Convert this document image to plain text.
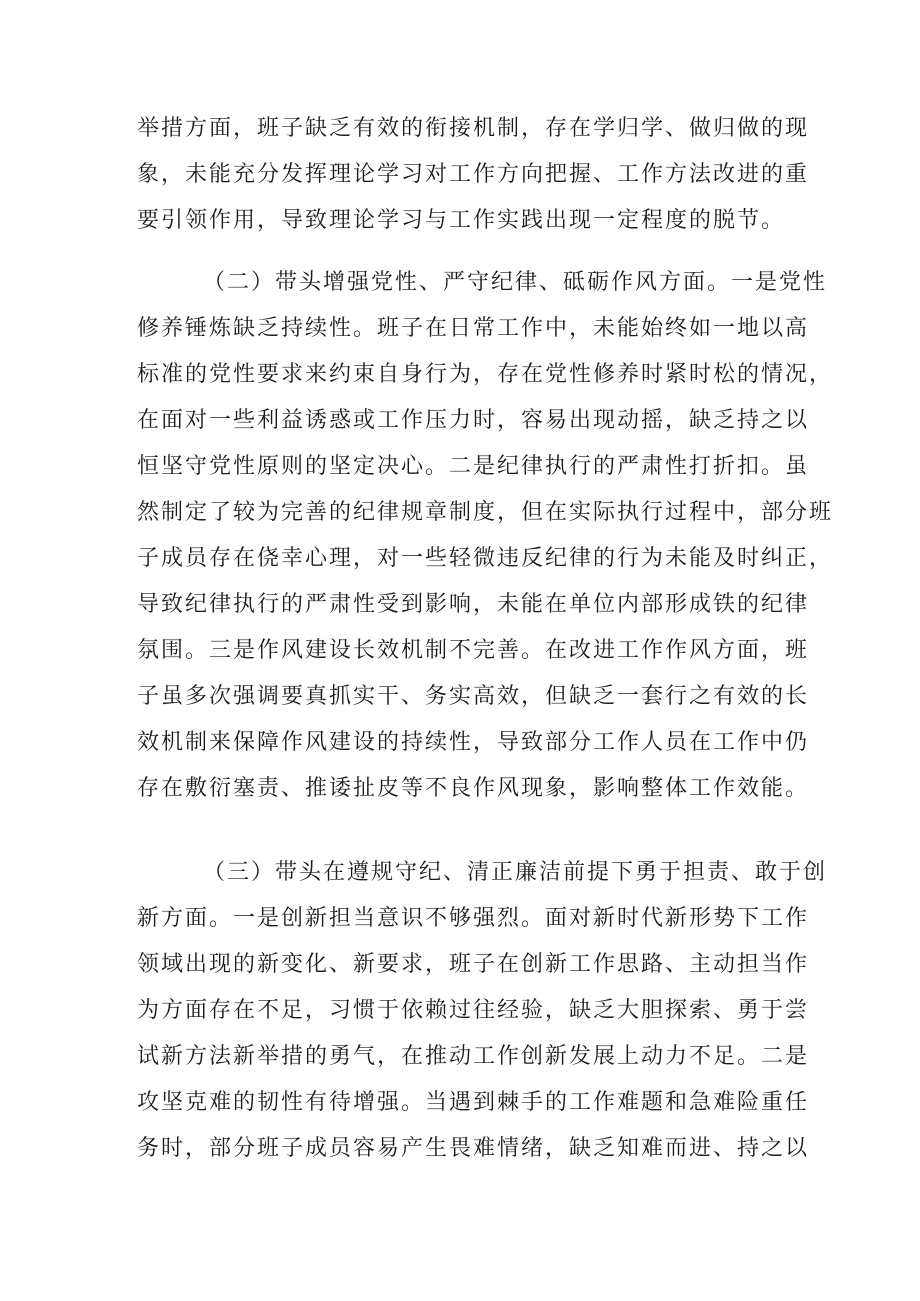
举措方面，班子缺乏有效的衔接机制，存在学归学、做归做的现
象，未能充分发挥理论学习对工作方向把握、工作方法改进的重
要引领作用，导致理论学习与工作实践出现一定程度的脱节。
（二）带头增强党性、严守纪律、砥砺作风方面。一是党性
修养锤炼缺乏持续性。班子在日常工作中，未能始终如一地以高
标准的党性要求来约束自身行为，存在党性修养时紧时松的情况，
在面对一些利益诱惑或工作压力时，容易出现动摇，缺乏持之以
恒坚守党性原则的坚定决心。二是纪律执行的严肃性打折扣。虽
然制定了较为完善的纪律规章制度，但在实际执行过程中，部分班
子成员存在侥幸心理，对一些轻微违反纪律的行为未能及时纠正，
导致纪律执行的严肃性受到影响，未能在单位内部形成铁的纪律
氛围。三是作风建设长效机制不完善。在改进工作作风方面，班
子虽多次强调要真抓实干、务实高效，但缺乏一套行之有效的长
效机制来保障作风建设的持续性，导致部分工作人员在工作中仍
存在敷衍塞责、推诿扯皮等不良作风现象，影响整体工作效能。
（三）带头在遵规守纪、清正廉洁前提下勇于担责、敢于创
新方面。一是创新担当意识不够强烈。面对新时代新形势下工作
领域出现的新变化、新要求，班子在创新工作思路、主动担当作
为方面存在不足，习惯于依赖过往经验，缺乏大胆探索、勇于尝
试新方法新举措的勇气，在推动工作创新发展上动力不足。二是
攻坚克难的韧性有待增强。当遇到棘手的工作难题和急难险重任
务时，部分班子成员容易产生畏难情绪，缺乏知难而进、持之以
